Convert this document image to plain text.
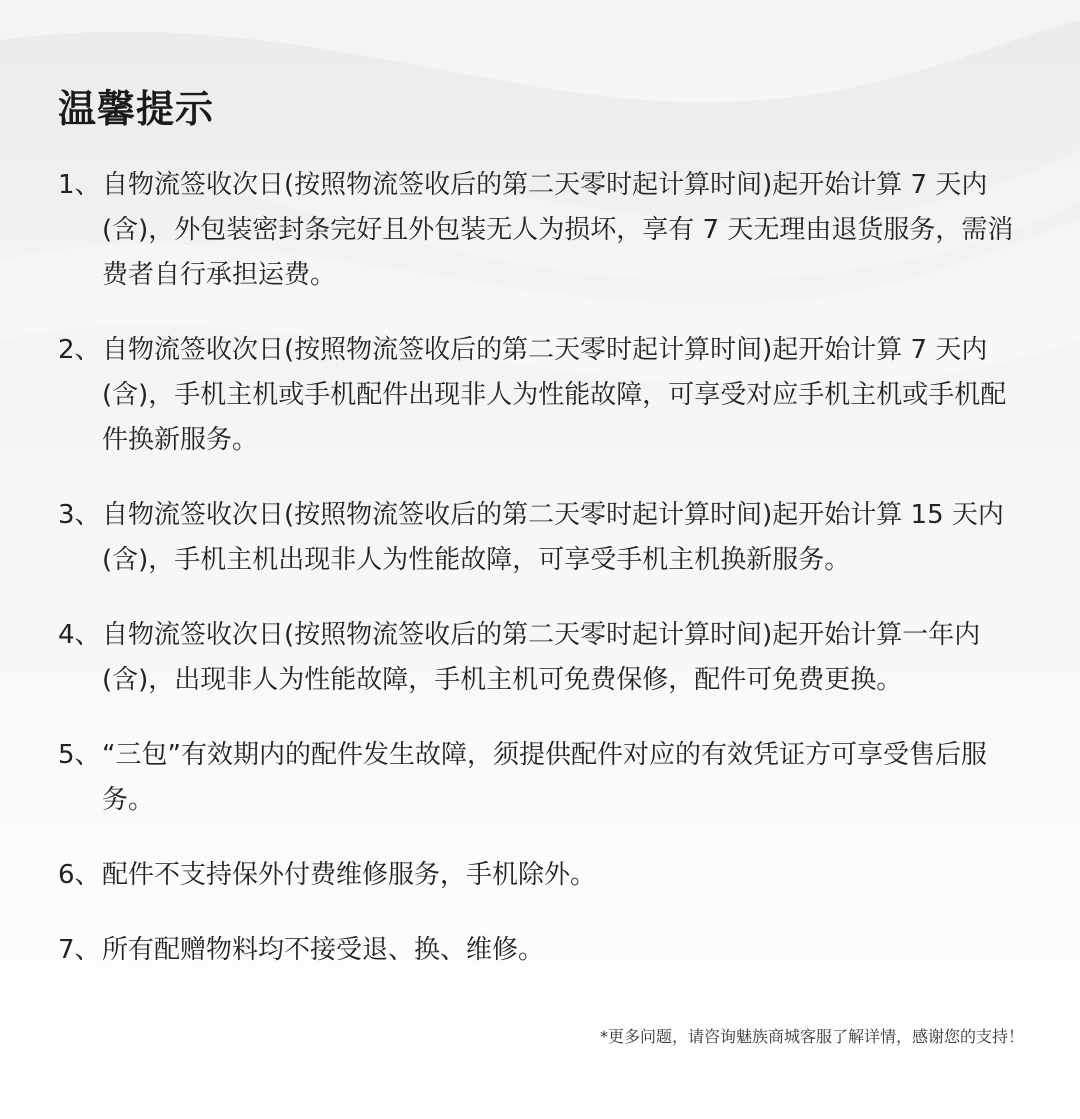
温馨提示
1、 自物流签收次日(按照物流签收后的第二天零时起计算时间)起开始计算 7 天内(含)，外包装密封条完好且外包装无人为损坏，享有 7 天无理由退货服务，需消费者自行承担运费。
2、 自物流签收次日(按照物流签收后的第二天零时起计算时间)起开始计算 7 天内(含)，手机主机或手机配件出现非人为性能故障，可享受对应手机主机或手机配件换新服务。
3、 自物流签收次日(按照物流签收后的第二天零时起计算时间)起开始计算 15 天内(含)，手机主机出现非人为性能故障，可享受手机主机换新服务。
4、 自物流签收次日(按照物流签收后的第二天零时起计算时间)起开始计算一年内(含)，出现非人为性能故障，手机主机可免费保修，配件可免费更换。
5、 “三包”有效期内的配件发生故障，须提供配件对应的有效凭证方可享受售后服务。
6、 配件不支持保外付费维修服务，手机除外。
7、 所有配赠物料均不接受退、换、维修。
*更多问题，请咨询魅族商城客服了解详情，感谢您的支持！
